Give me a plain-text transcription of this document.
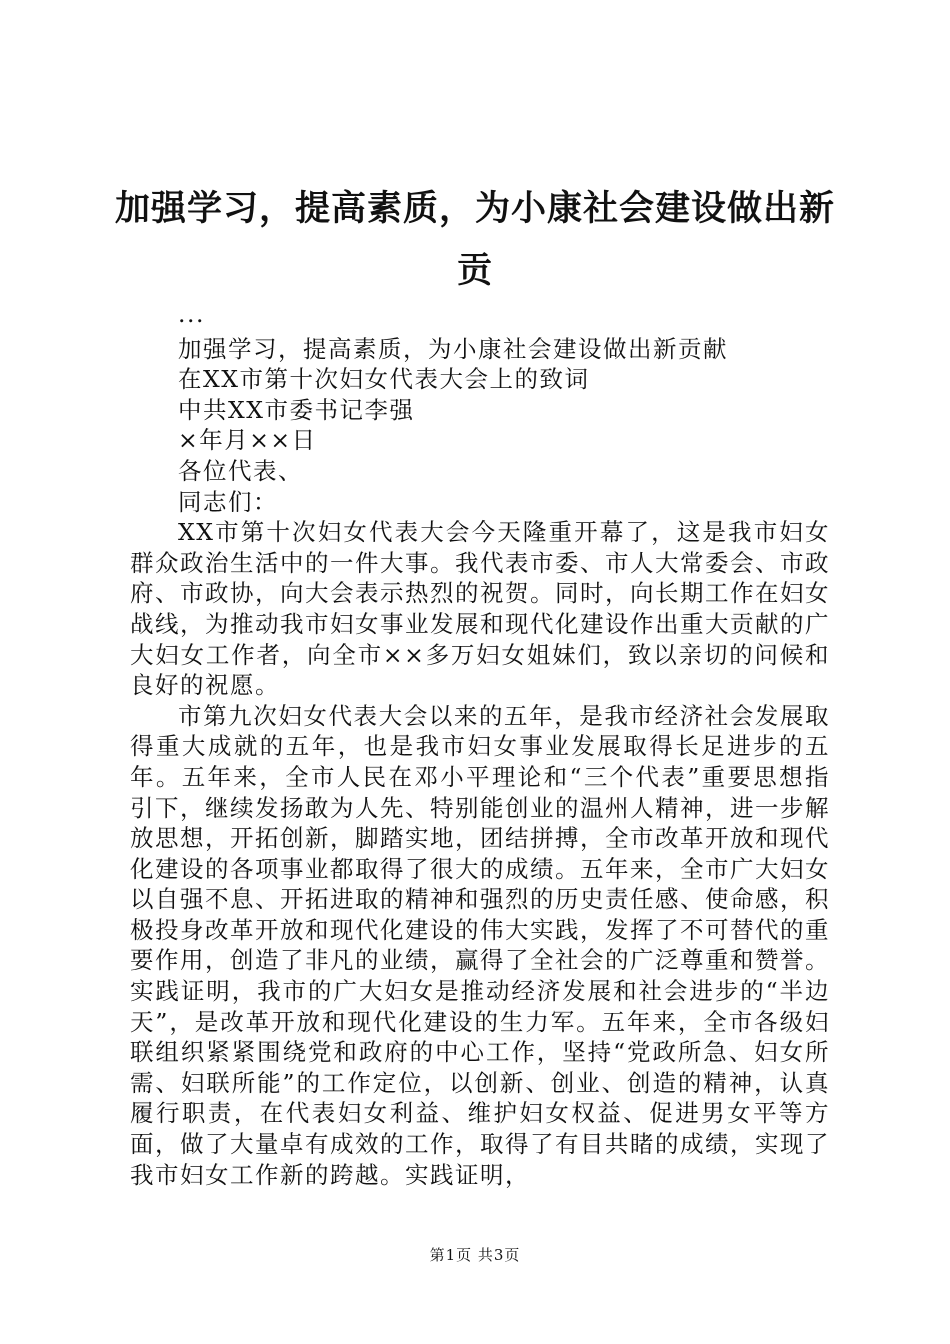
加强学习，提高素质，为小康社会建设做出新贡
...
加强学习，提高素质，为小康社会建设做出新贡献
在XX市第十次妇女代表大会上的致词
中共XX市委书记李强
×年月××日
各位代表、
同志们：

XX市第十次妇女代表大会今天隆重开幕了，这是我市妇女群众政治生活中的一件大事。我代表市委、市人大常委会、市政府、市政协，向大会表示热烈的祝贺。同时，向长期工作在妇女战线，为推动我市妇女事业发展和现代化建设作出重大贡献的广大妇女工作者，向全市××多万妇女姐妹们，致以亲切的问候和良好的祝愿。

市第九次妇女代表大会以来的五年，是我市经济社会发展取得重大成就的五年，也是我市妇女事业发展取得长足进步的五年。五年来，全市人民在邓小平理论和“三个代表”重要思想指引下，继续发扬敢为人先、特别能创业的温州人精神，进一步解放思想，开拓创新，脚踏实地，团结拼搏，全市改革开放和现代化建设的各项事业都取得了很大的成绩。五年来，全市广大妇女以自强不息、开拓进取的精神和强烈的历史责任感、使命感，积极投身改革开放和现代化建设的伟大实践，发挥了不可替代的重要作用，创造了非凡的业绩，赢得了全社会的广泛尊重和赞誉。实践证明，我市的广大妇女是推动经济发展和社会进步的“半边天”，是改革开放和现代化建设的生力军。五年来，全市各级妇联组织紧紧围绕党和政府的中心工作，坚持“党政所急、妇女所需、妇联所能”的工作定位，以创新、创业、创造的精神，认真履行职责，在代表妇女利益、维护妇女权益、促进男女平等方面，做了大量卓有成效的工作，取得了有目共睹的成绩，实现了我市妇女工作新的跨越。实践证明，

第1页 共3页
